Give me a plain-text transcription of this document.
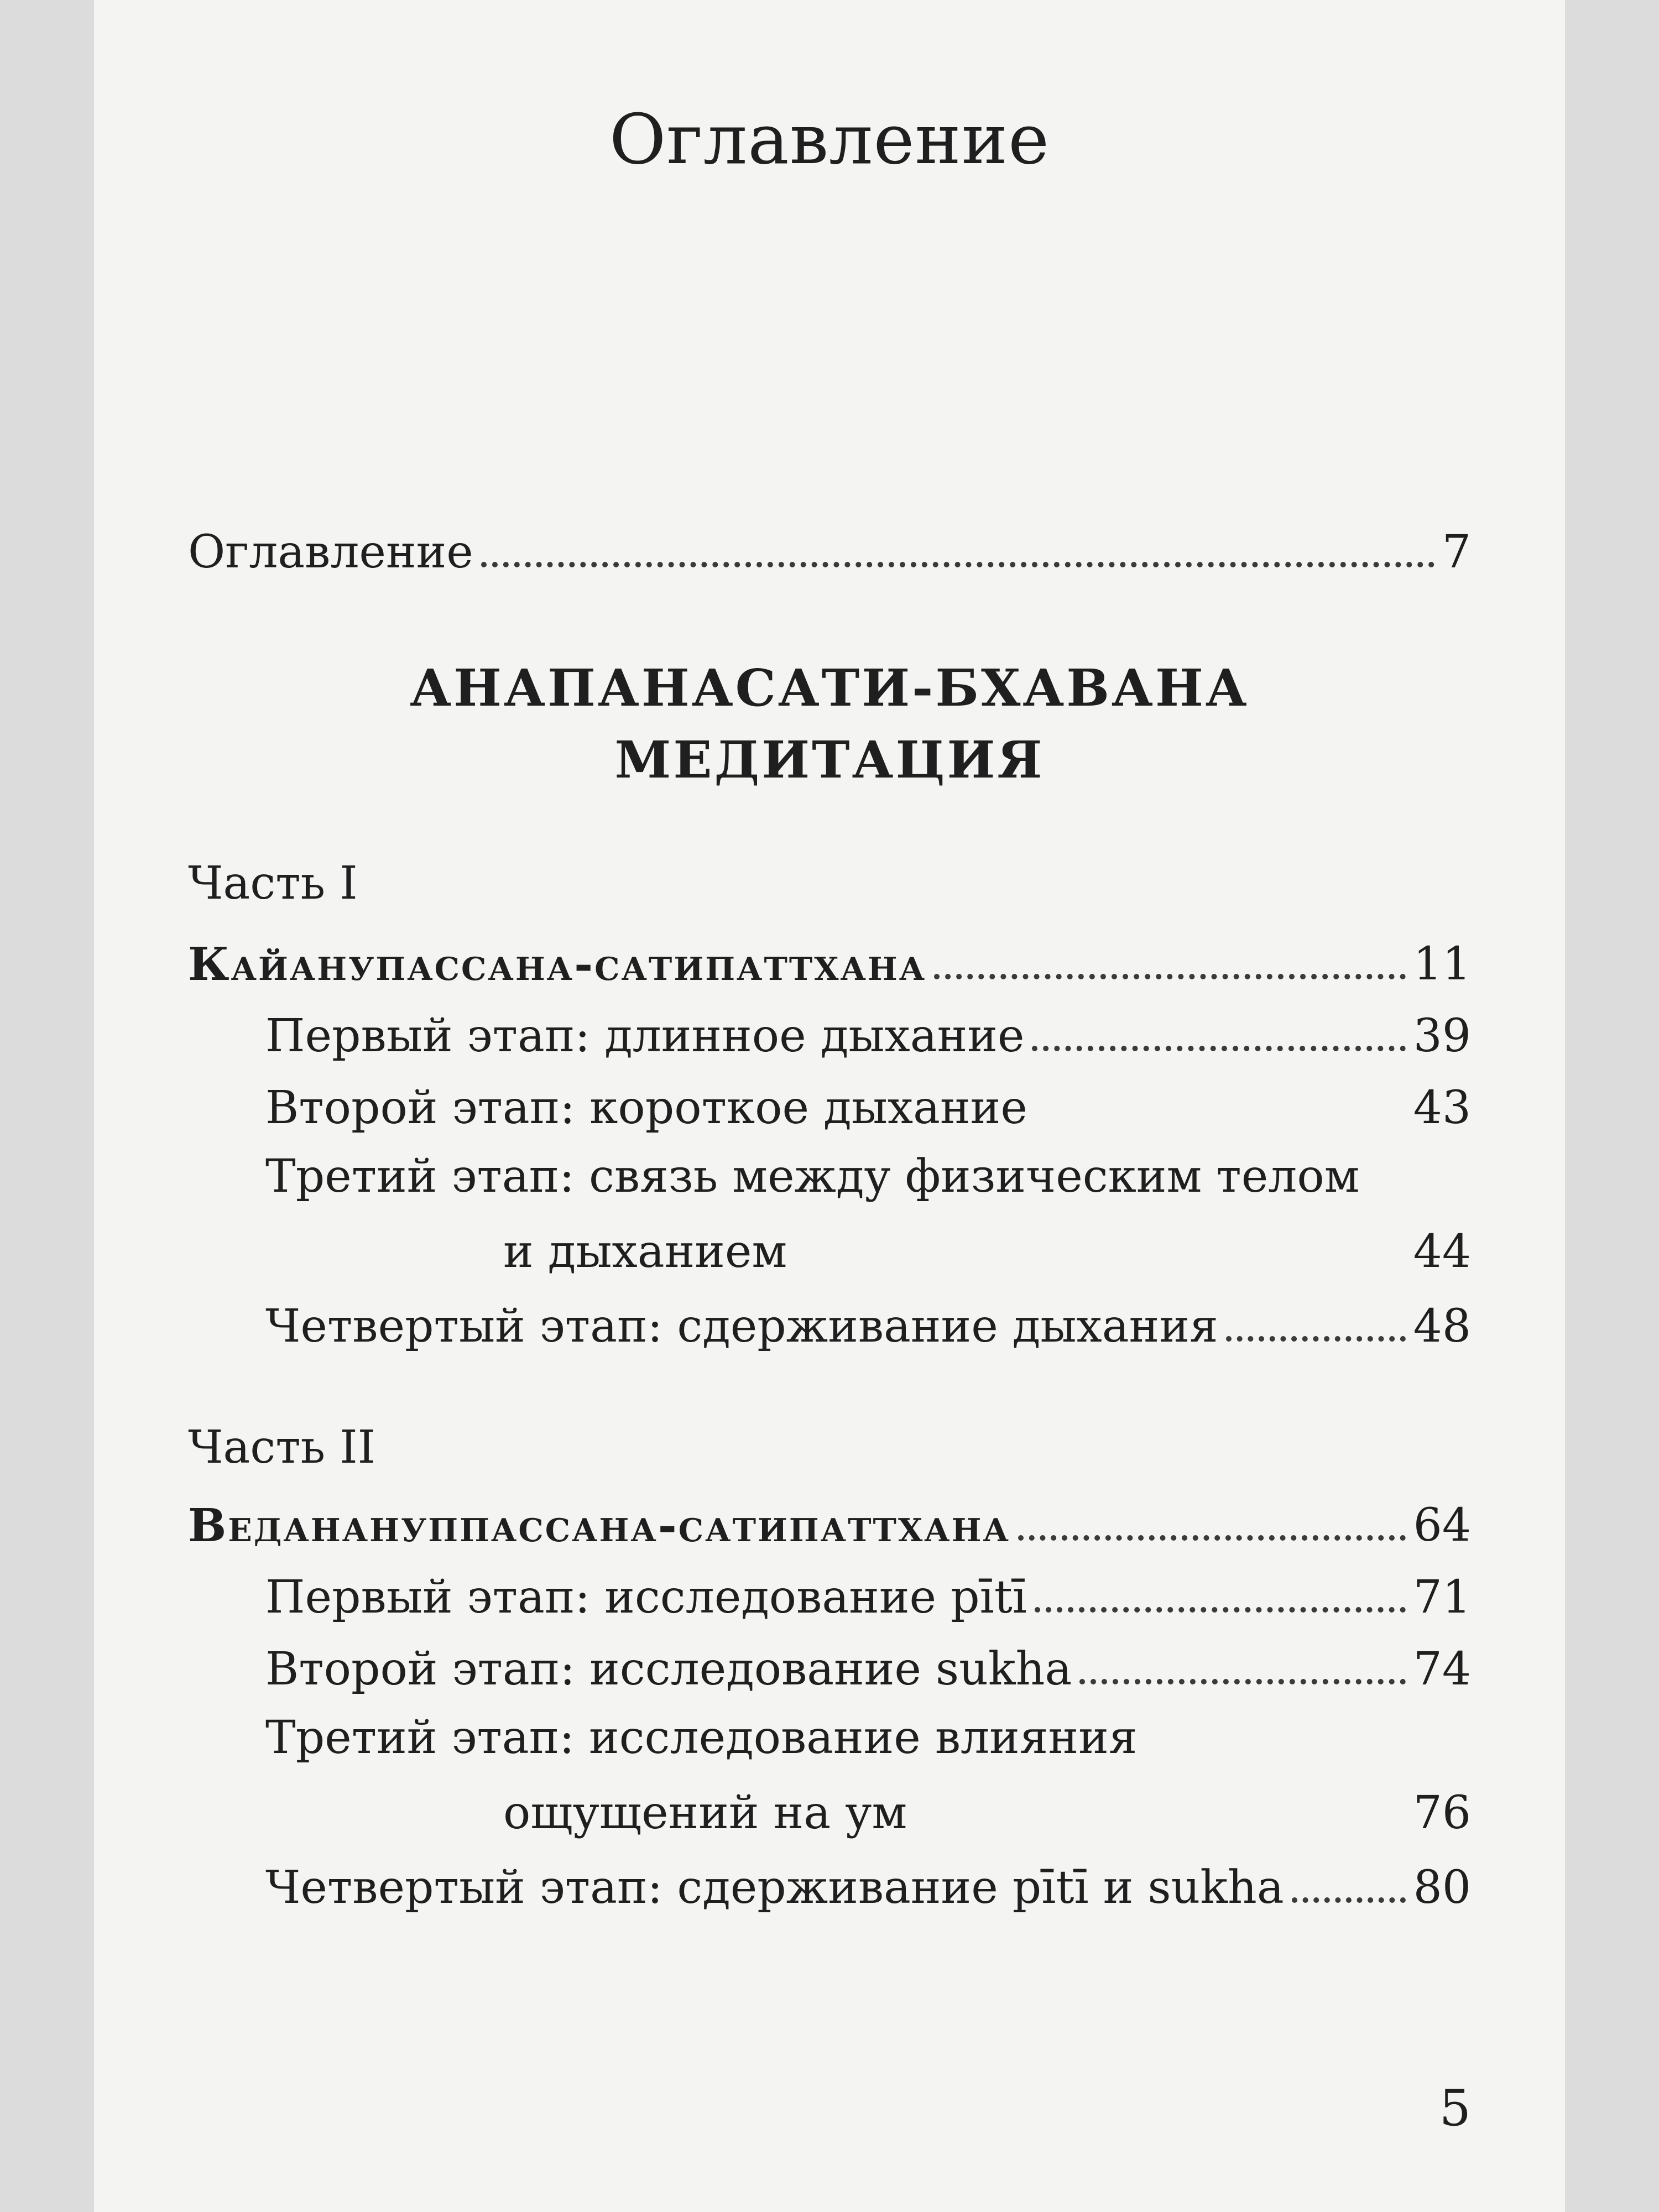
Оглавление
Оглавление	7
АНАПАНАСАТИ-БХАВАНА
МЕДИТАЦИЯ
Часть I
Кайанупассана-сатипаттхана	11
Первый этап: длинное дыхание	39
Второй этап: короткое дыхание	43
Третий этап: связь между физическим телом
и дыханием	44
Четвертый этап: сдерживание дыхания	48
Часть II
Веданануппассана-сатипаттхана	64
Первый этап: исследование pītī	71
Второй этап: исследование sukha	74
Третий этап: исследование влияния
ощущений на ум	76
Четвертый этап: сдерживание pītī и sukha	80
5
